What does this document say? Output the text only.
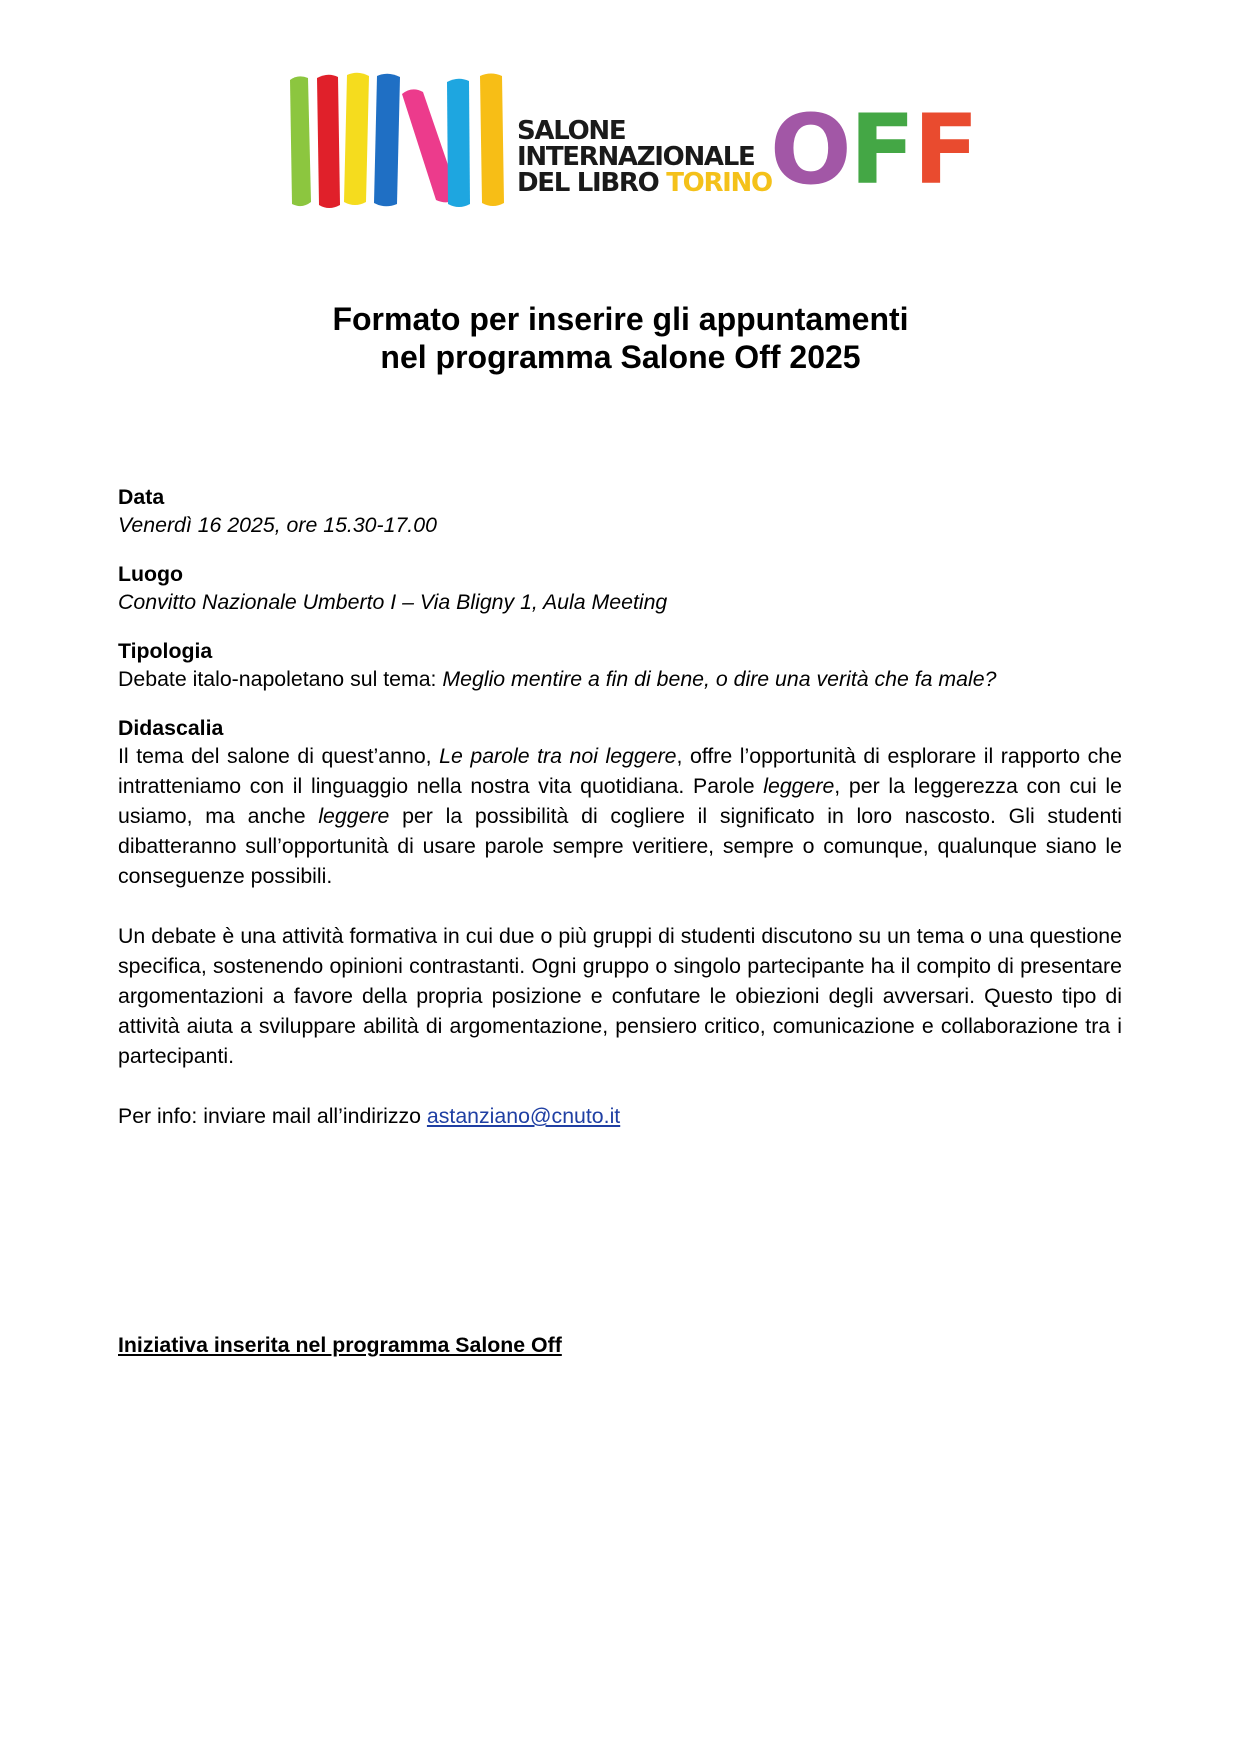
SALONE
INTERNAZIONALE
DEL LIBRO TORINO
OFF
Formato per inserire gli appuntamenti
nel programma Salone Off 2025
Data
Venerdì 16 2025, ore 15.30-17.00
Luogo
Convitto Nazionale Umberto I – Via Bligny 1, Aula Meeting
Tipologia
Debate italo-napoletano sul tema: Meglio mentire a fin di bene, o dire una verità che fa male?
Didascalia

Il tema del salone di quest’anno, Le parole tra noi leggere, offre l’opportunità di esplorare il rapporto che intratteniamo con il linguaggio nella nostra vita quotidiana. Parole leggere, per la leggerezza con cui le usiamo, ma anche leggere per la possibilità di cogliere il significato in loro nascosto. Gli studenti dibatteranno sull’opportunità di usare parole sempre veritiere, sempre o comunque, qualunque siano le conseguenze possibili.

Un debate è una attività formativa in cui due o più gruppi di studenti discutono su un tema o una questione specifica, sostenendo opinioni contrastanti. Ogni gruppo o singolo partecipante ha il compito di presentare argomentazioni a favore della propria posizione e confutare le obiezioni degli avversari. Questo tipo di attività aiuta a sviluppare abilità di argomentazione, pensiero critico, comunicazione e collaborazione tra i partecipanti.

Per info: inviare mail all’indirizzo astanziano@cnuto.it

Iniziativa inserita nel programma Salone Off
